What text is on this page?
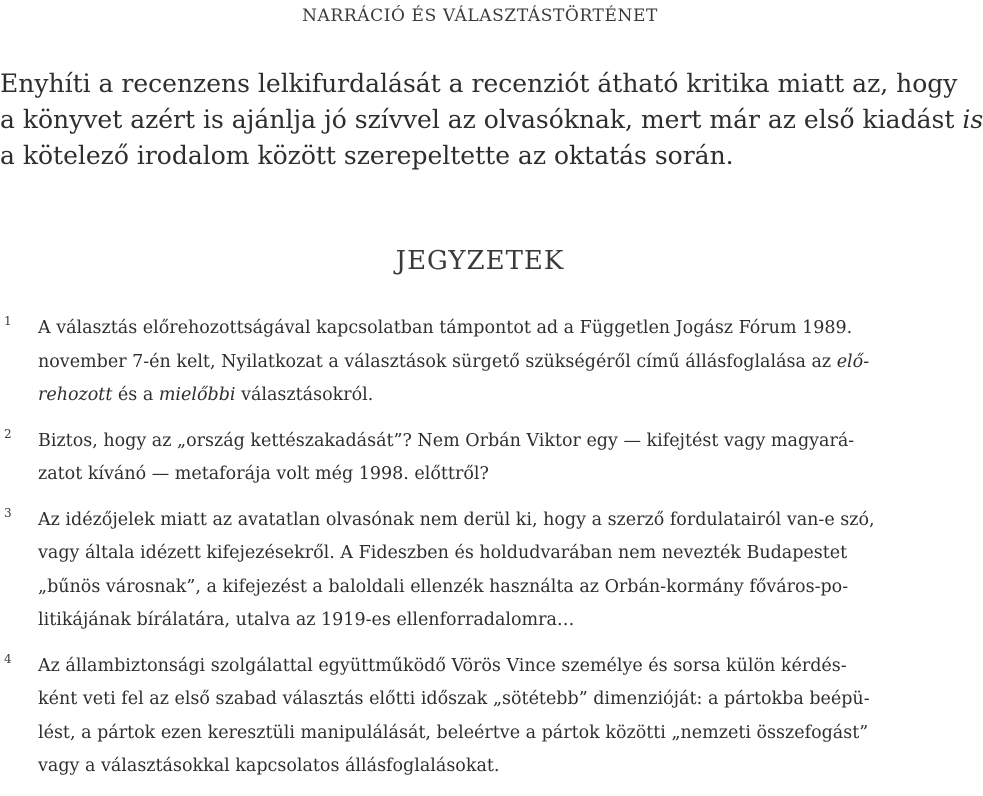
NARRÁCIÓ ÉS VÁLASZTÁSTÖRTÉNET
Enyhíti a recenzens lelkifurdalását a recenziót átható kritika miatt az, hogy
a könyvet azért is ajánlja jó szívvel az olvasóknak, mert már az első kiadást is
a kötelező irodalom között szerepeltette az oktatás során.
JEGYZETEK
1 A választás előrehozottságával kapcsolatban támpontot ad a Független Jogász Fórum 1989.
november 7-én kelt, Nyilatkozat a választások sürgető szükségéről című állásfoglalása az elő-
rehozott és a mielőbbi választásokról.
2 Biztos, hogy az „ország kettészakadását”? Nem Orbán Viktor egy — kifejtést vagy magyará-
zatot kívánó — metaforája volt még 1998. előttről?
3 Az idézőjelek miatt az avatatlan olvasónak nem derül ki, hogy a szerző fordulatairól van-e szó,
vagy általa idézett kifejezésekről. A Fideszben és holdudvarában nem nevezték Budapestet
„bűnös városnak”, a kifejezést a baloldali ellenzék használta az Orbán-kormány főváros-po-
litikájának bírálatára, utalva az 1919-es ellenforradalomra…
4 Az állambiztonsági szolgálattal együttműködő Vörös Vince személye és sorsa külön kérdés-
ként veti fel az első szabad választás előtti időszak „sötétebb” dimenzióját: a pártokba beépü-
lést, a pártok ezen keresztüli manipulálását, beleértve a pártok közötti „nemzeti összefogást”
vagy a választásokkal kapcsolatos állásfoglalásokat.
